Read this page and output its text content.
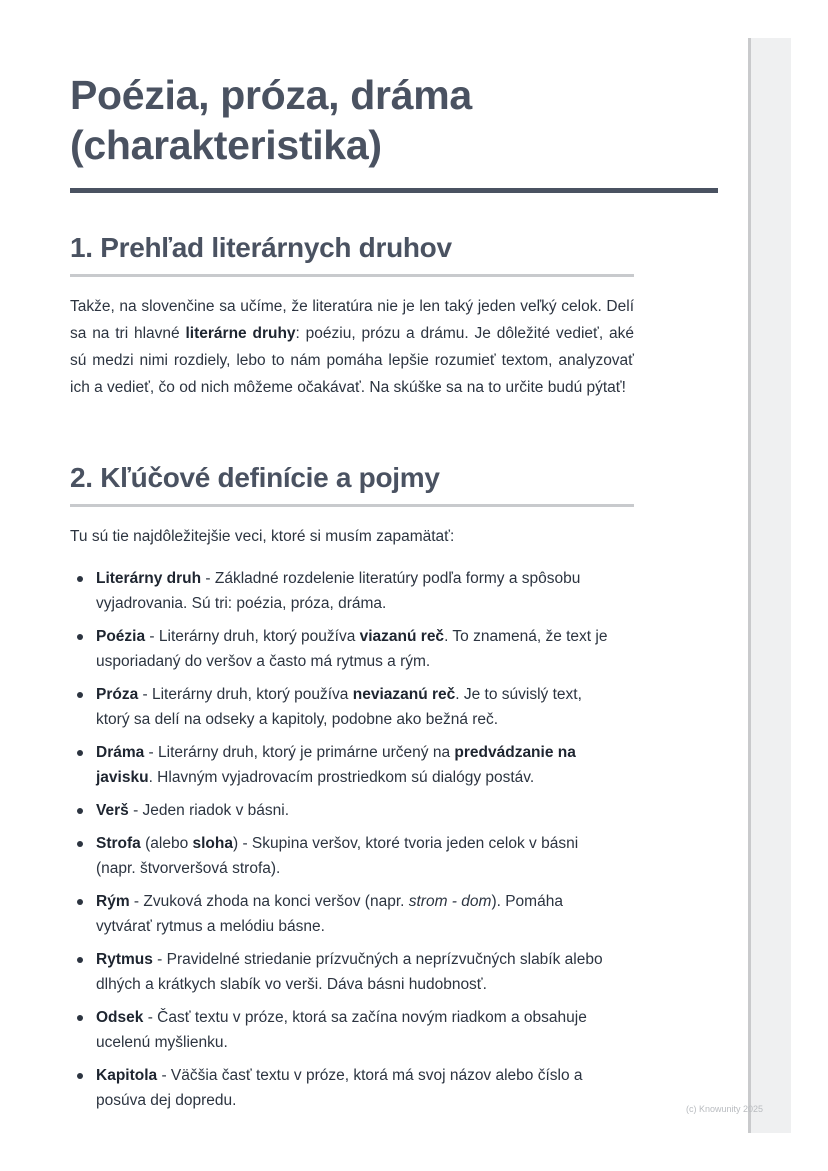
Poézia, próza, dráma
(charakteristika)
1. Prehľad literárnych druhov

Takže, na slovenčine sa učíme, že literatúra nie je len taký jeden veľký celok. Delí sa na tri hlavné literárne druhy: poéziu, prózu a drámu. Je dôležité vedieť, aké sú medzi nimi rozdiely, lebo to nám pomáha lepšie rozumieť textom, analyzovať ich a vedieť, čo od nich môžeme očakávať. Na skúške sa na to určite budú pýtať!

2. Kľúčové definície a pojmy

Tu sú tie najdôležitejšie veci, ktoré si musím zapamätať:

Literárny druh - Základné rozdelenie literatúry podľa formy a spôsobu vyjadrovania. Sú tri: poézia, próza, dráma.
Poézia - Literárny druh, ktorý používa viazanú reč. To znamená, že text je usporiadaný do veršov a často má rytmus a rým.
Próza - Literárny druh, ktorý používa neviazanú reč. Je to súvislý text, ktorý sa delí na odseky a kapitoly, podobne ako bežná reč.
Dráma - Literárny druh, ktorý je primárne určený na predvádzanie na javisku. Hlavným vyjadrovacím prostriedkom sú dialógy postáv.
Verš - Jeden riadok v básni.
Strofa (alebo sloha) - Skupina veršov, ktoré tvoria jeden celok v básni (napr. štvorveršová strofa).
Rým - Zvuková zhoda na konci veršov (napr. strom - dom). Pomáha vytvárať rytmus a melódiu básne.
Rytmus - Pravidelné striedanie prízvučných a neprízvučných slabík alebo dlhých a krátkych slabík vo verši. Dáva básni hudobnosť.
Odsek - Časť textu v próze, ktorá sa začína novým riadkom a obsahuje ucelenú myšlienku.
Kapitola - Väčšia časť textu v próze, ktorá má svoj názov alebo číslo a posúva dej dopredu.	(c) Knowunity 2025
